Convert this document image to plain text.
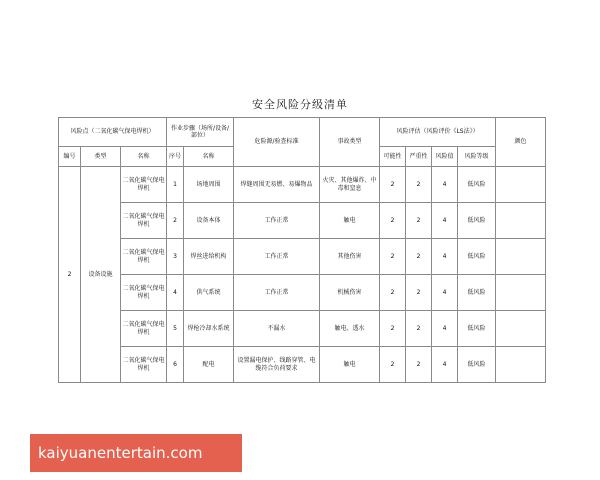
安全风险分级清单
风险点（二氧化碳气保电焊机）			作业步骤（场所/设备/部位）		危险源/验查标准	事故类型	风险评估（风险评价《LS法》）				颜色
编号	类型	名称	序号	名称			可能性	严重性	风险值	风险等级	
2	设备设施	二氧化碳气保电焊机	1	场地周围	焊缝周围无易燃、易爆物品	火灾、其他爆炸、中毒和窒息	2	2	4	低风险	
		二氧化碳气保电焊机	2	设备本体	工作正常	触电	2	2	4	低风险	
		二氧化碳气保电焊机	3	焊丝进给机构	工作正常	其他伤害	2	2	4	低风险	
		二氧化碳气保电焊机	4	供气系统	工作正常	机械伤害	2	2	4	低风险	
		二氧化碳气保电焊机	5	焊枪冷却水系统	不漏水	触电、透水	2	2	4	低风险	
		二氧化碳气保电焊机	6	配电	设置漏电保护、线路穿管、电缆符合负荷要求	触电	2	2	4	低风险	
kaiyuanentertain.com
